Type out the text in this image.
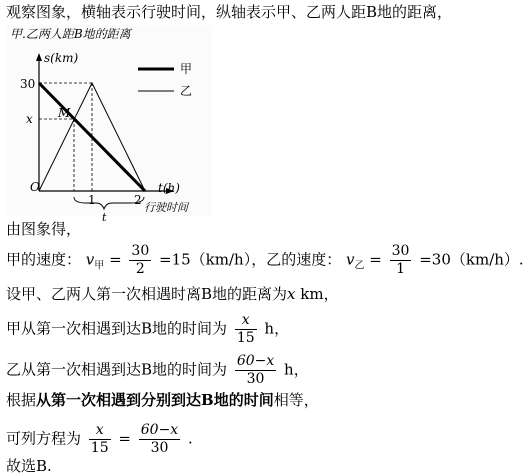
观察图象，横轴表示行驶时间，纵轴表示甲、乙两人距B地的距离，
甲.乙两人距B地的距离
s(km)
t(h)
O
30
x
1	2
M
t
行驶时间
甲
乙
由图象得，
甲的速度： $v_甲 = \frac{30}{2} =15(km/h)$，乙的速度： $v_乙 = \frac{30}{1} =30(km/h)$.
设甲、乙两人第一次相遇时离B地的距离为x km，
甲从第一次相遇到达B地的时间为 $\frac{x}{15}$ h，
乙从第一次相遇到达B地的时间为 $\frac{60-x}{30}$ h，
根据从第一次相遇到分别到达B地的时间相等，
可列方程为 $\frac{x}{15} = \frac{60-x}{30}$ .
故选B.
